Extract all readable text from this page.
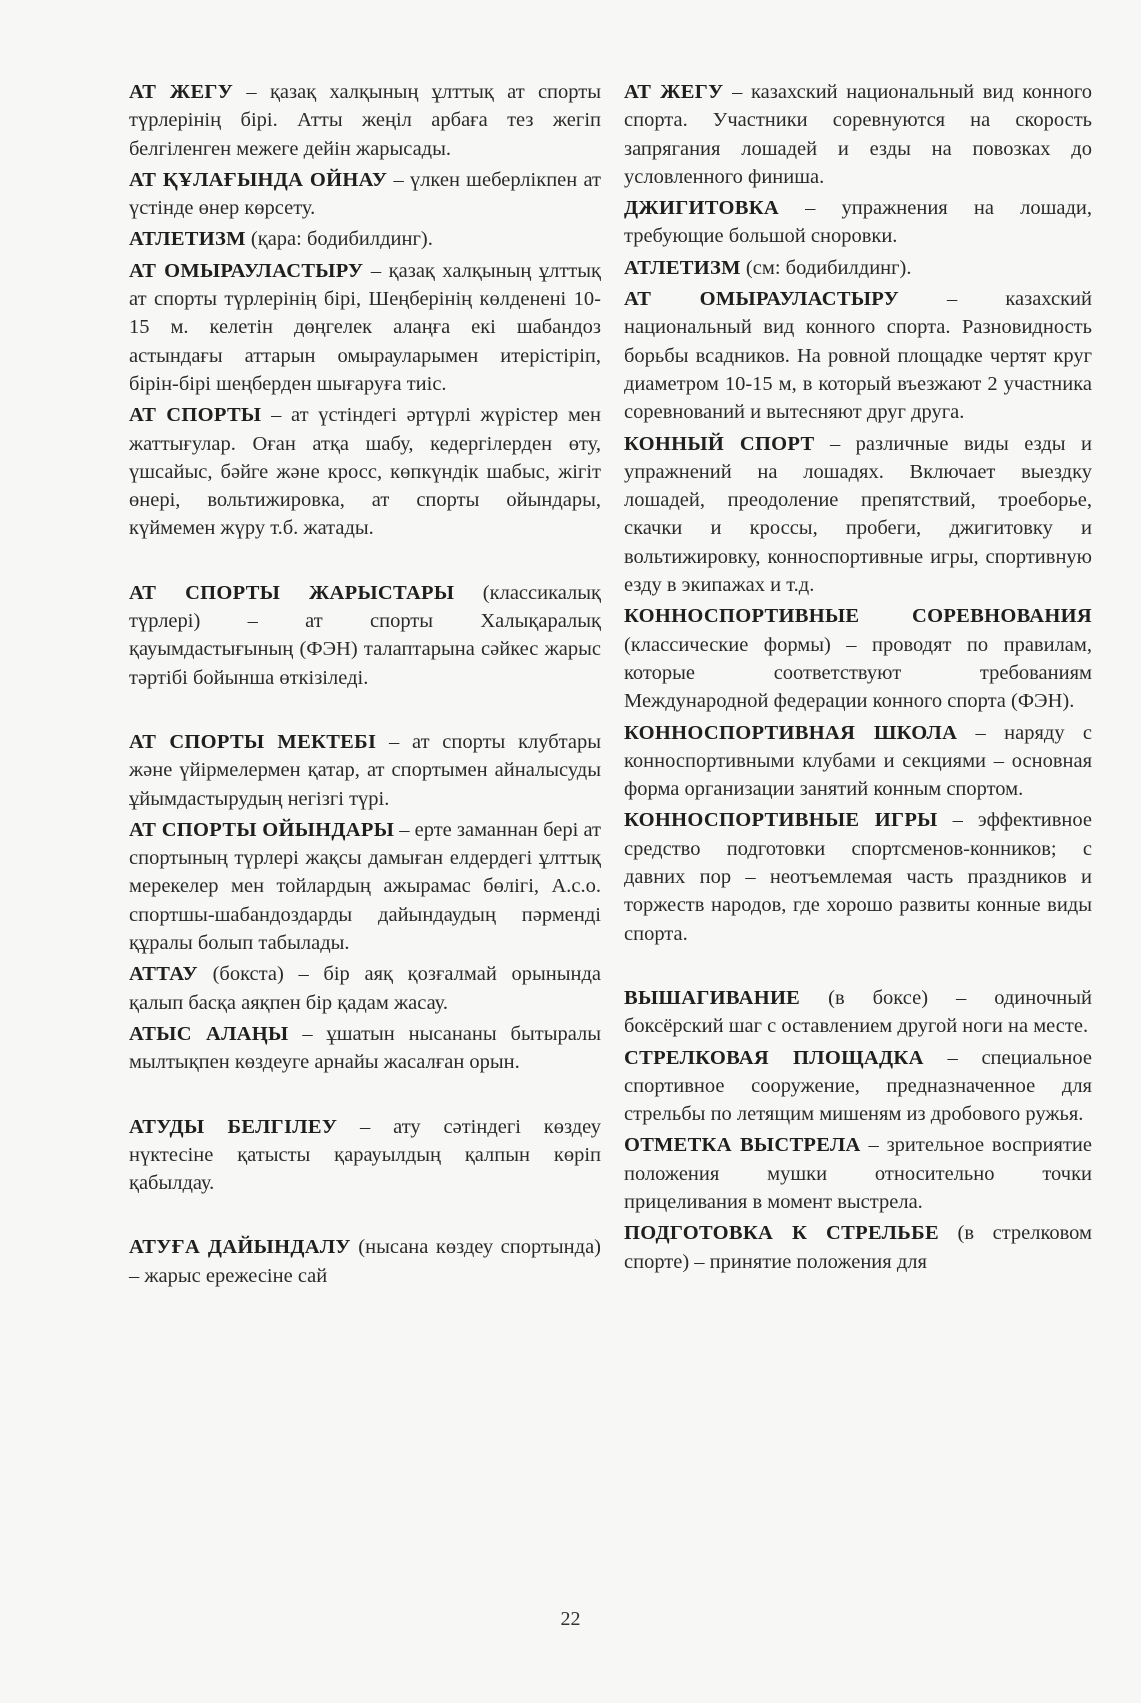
АТ ЖЕГУ – қазақ халқының ұлттық ат спорты түрлерінің бірі. Атты жеңіл арбаға тез жегіп белгіленген межеге дейін жарысады.

АТ ҚҰЛАҒЫНДА ОЙНАУ – үлкен шеберлікпен ат үстінде өнер көрсету.

АТЛЕТИЗМ (қара: бодибилдинг).

АТ ОМЫРАУЛАСТЫРУ – қазақ халқының ұлттық ат спорты түрлерінің бірі, Шеңберінің көлденені 10-15 м. келетін дөңгелек алаңға екі шабандоз астындағы аттарын омырауларымен итерістіріп, бірін-бірі шеңберден шығаруға тиіс.

АТ СПОРТЫ – ат үстіндегі әртүрлі жүрістер мен жаттығулар. Оған атқа шабу, кедергілерден өту, үшсайыс, бәйге және кросс, көпкүндік шабыс, жігіт өнері, вольтижировка, ат спорты ойындары, күймемен жүру т.б. жатады.

АТ СПОРТЫ ЖАРЫСТАРЫ (классикалық түрлері) – ат спорты Халықаралық қауымдастығының (ФЭН) талаптарына сәйкес жарыс тәртібі бойынша өткізіледі.

АТ СПОРТЫ МЕКТЕБІ – ат спорты клубтары және үйірмелермен қатар, ат спортымен айналысуды ұйымдастырудың негізгі түрі.

АТ СПОРТЫ ОЙЫНДАРЫ – ерте заманнан бері ат спортының түрлері жақсы дамыған елдердегі ұлттық мерекелер мен тойлардың ажырамас бөлігі, А.с.о. спортшы-шабандоздарды дайындаудың пәрменді құралы болып табылады.

АТТАУ (бокста) – бір аяқ қозғалмай орынында қалып басқа аяқпен бір қадам жасау.

АТЫС АЛАҢЫ – ұшатын нысананы бытыралы мылтықпен көздеуге арнайы жасалған орын.

АТУДЫ БЕЛГІЛЕУ – ату сәтіндегі көздеу нүктесіне қатысты қарауылдың қалпын көріп қабылдау.

АТУҒА ДАЙЫНДАЛУ (нысана көздеу спортында) – жарыс ережесіне сай

АТ ЖЕГУ – казахский национальный вид конного спорта. Участники соревнуются на скорость запрягания лошадей и езды на повозках до условленного финиша.

ДЖИГИТОВКА – упражнения на лошади, требующие большой сноровки.

АТЛЕТИЗМ (см: бодибилдинг).

АТ ОМЫРАУЛАСТЫРУ – казахский национальный вид конного спорта. Разновидность борьбы всадников. На ровной площадке чертят круг диаметром 10-15 м, в который въезжают 2 участника соревнований и вытесняют друг друга.

КОННЫЙ СПОРТ – различные виды езды и упражнений на лошадях. Включает выездку лошадей, преодоление препятствий, троеборье, скачки и кроссы, пробеги, джигитовку и вольтижировку, конноспортивные игры, спортивную езду в экипажах и т.д.

КОННОСПОРТИВНЫЕ СОРЕВНОВАНИЯ (классические формы) – проводят по правилам, которые соответствуют требованиям Международной федерации конного спорта (ФЭН).

КОННОСПОРТИВНАЯ ШКОЛА – наряду с конноспортивными клубами и секциями – основная форма организации занятий конным спортом.

КОННОСПОРТИВНЫЕ ИГРЫ – эффективное средство подготовки спортсменов-конников; с давних пор – неотъемлемая часть праздников и торжеств народов, где хорошо развиты конные виды спорта.

ВЫШАГИВАНИЕ (в боксе) – одиночный боксёрский шаг с оставлением другой ноги на месте.

СТРЕЛКОВАЯ ПЛОЩАДКА – специальное спортивное сооружение, предназначенное для стрельбы по летящим мишеням из дробового ружья.

ОТМЕТКА ВЫСТРЕЛА – зрительное восприятие положения мушки относительно точки прицеливания в момент выстрела.

ПОДГОТОВКА К СТРЕЛЬБЕ (в стрелковом спорте) – принятие положения для

22
